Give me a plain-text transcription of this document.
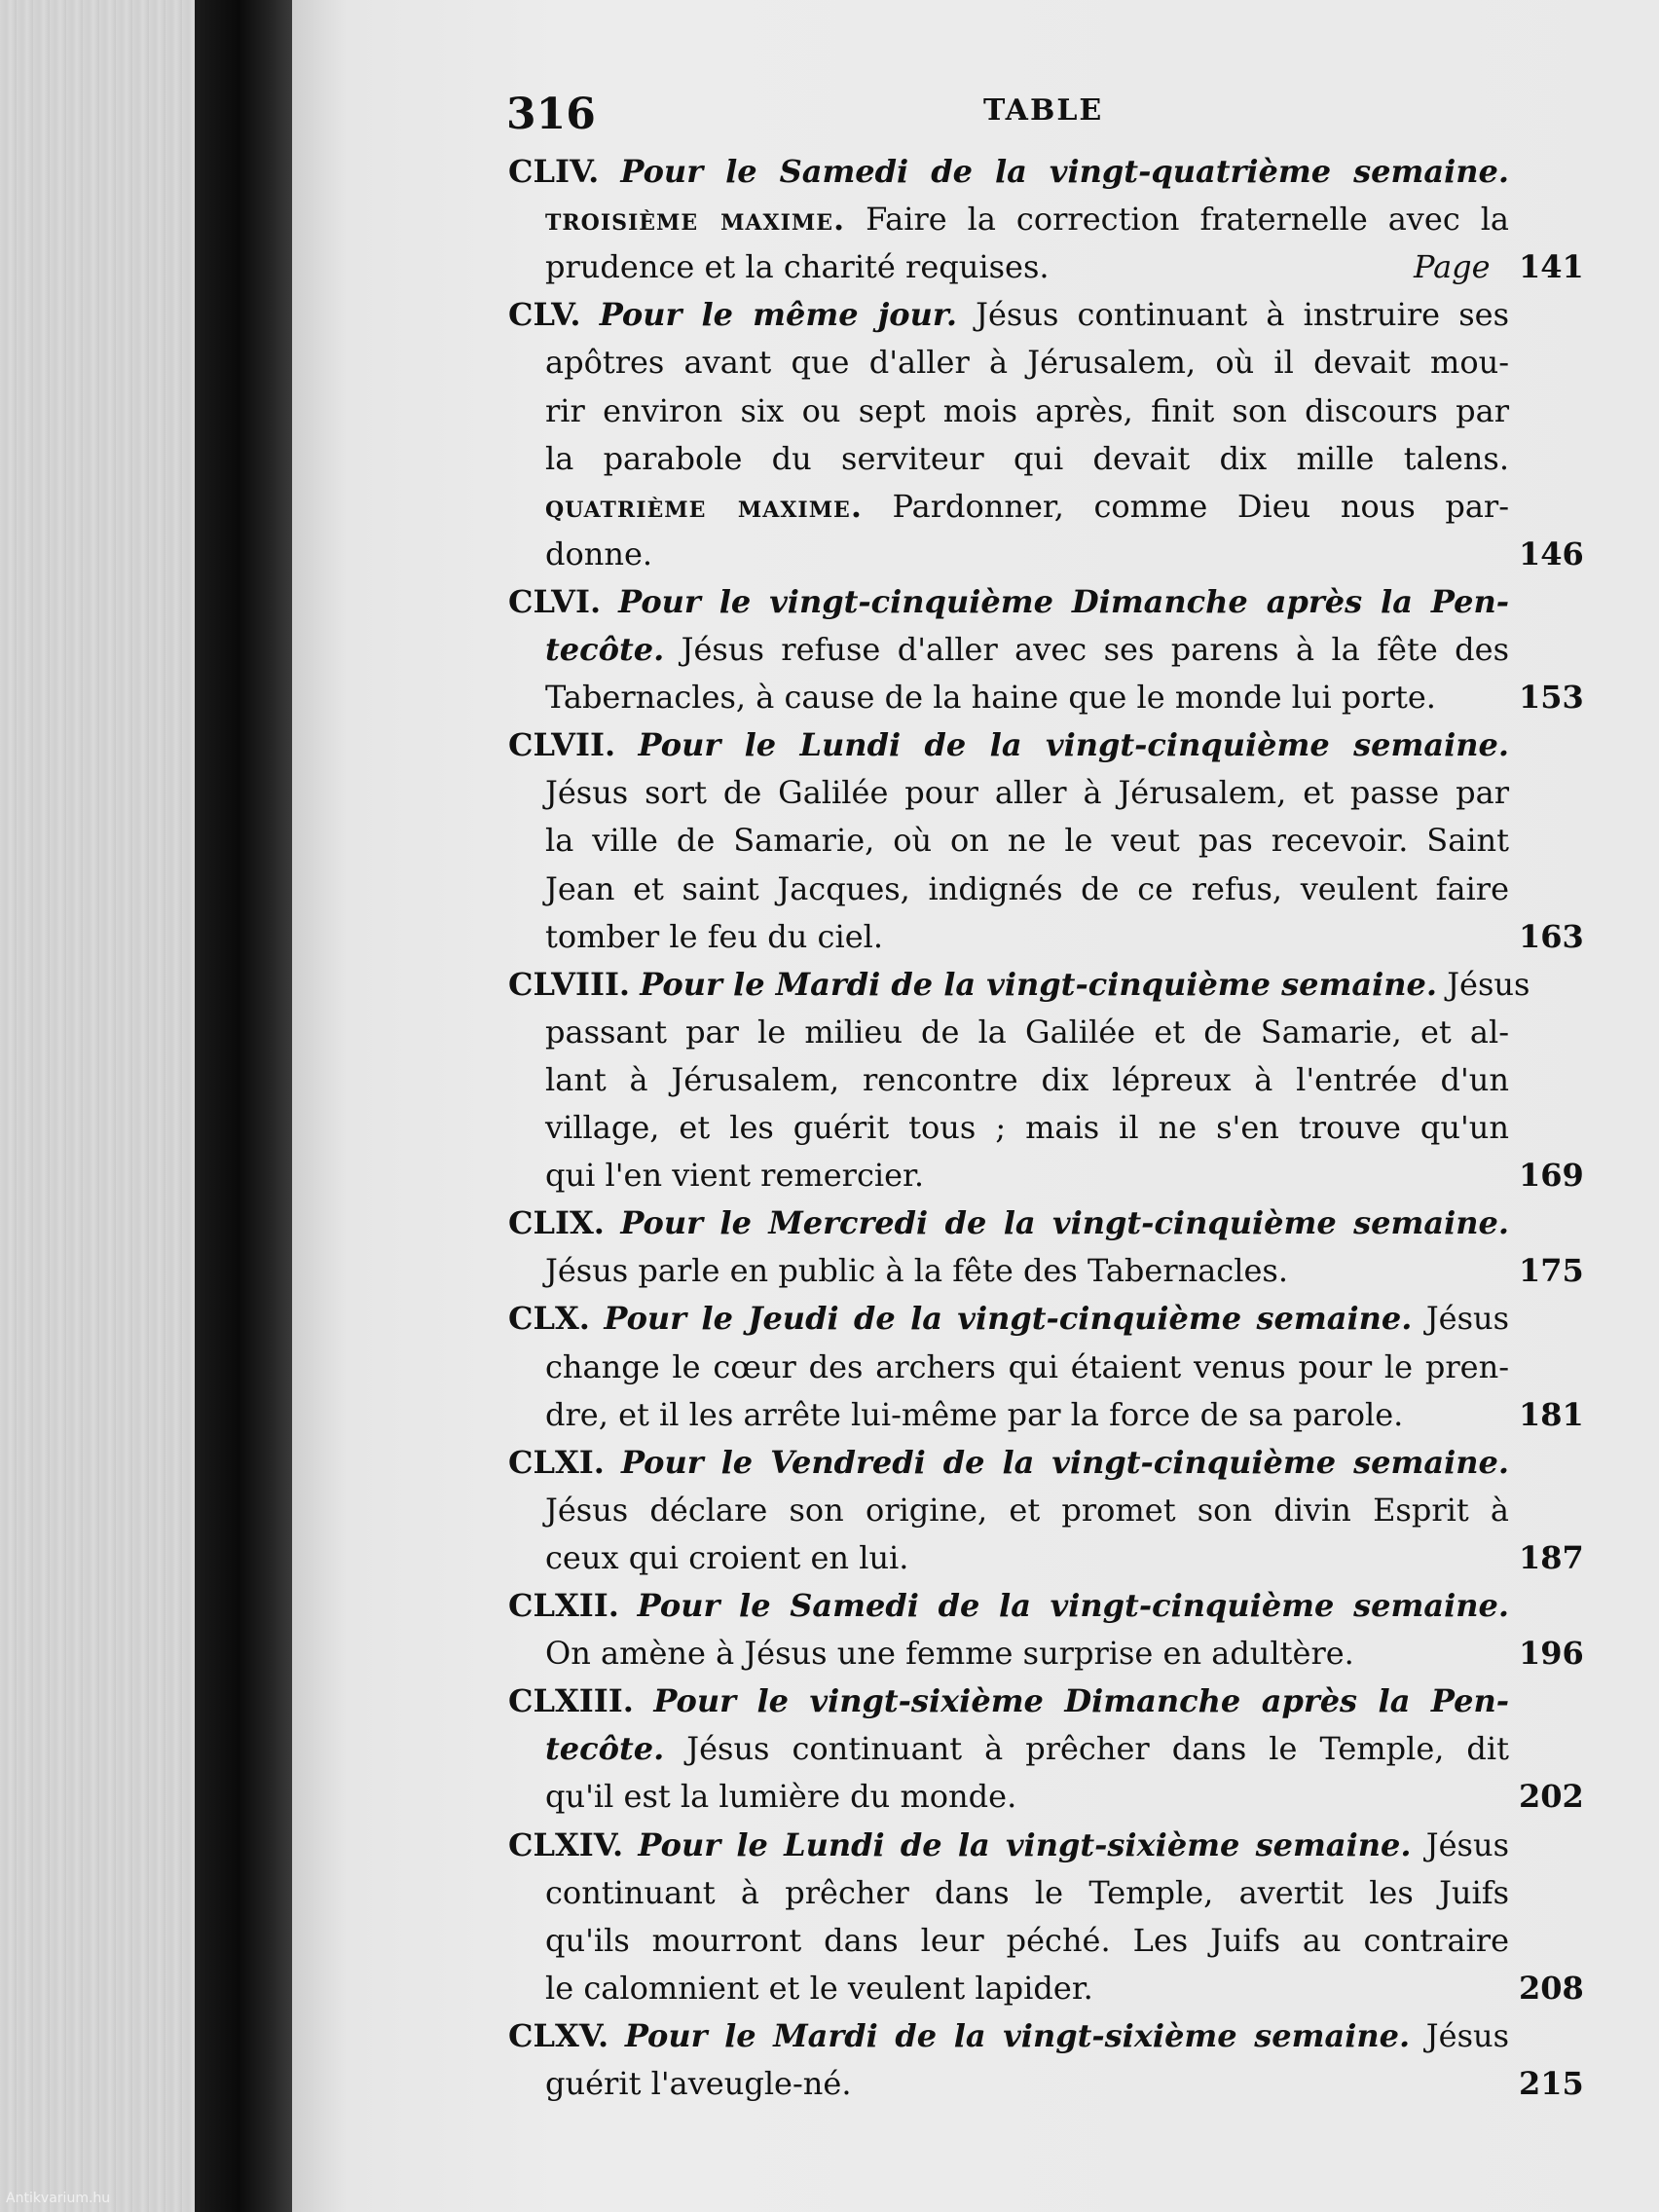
316	TABLE
CLIV. Pour le Samedi de la vingt-quatrième semaine.
troisième maxime. Faire la correction fraternelle avec la
prudence et la charité requises.	Page 141
CLV. Pour le même jour. Jésus continuant à instruire ses
apôtres avant que d'aller à Jérusalem, où il devait mou-
rir environ six ou sept mois après, finit son discours par
la parabole du serviteur qui devait dix mille talens.
quatrième maxime. Pardonner, comme Dieu nous par-
donne.	146
CLVI. Pour le vingt-cinquième Dimanche après la Pen-
tecôte. Jésus refuse d'aller avec ses parens à la fête des
Tabernacles, à cause de la haine que le monde lui porte.	153
CLVII. Pour le Lundi de la vingt-cinquième semaine.
Jésus sort de Galilée pour aller à Jérusalem, et passe par
la ville de Samarie, où on ne le veut pas recevoir. Saint
Jean et saint Jacques, indignés de ce refus, veulent faire
tomber le feu du ciel.	163
CLVIII. Pour le Mardi de la vingt-cinquième semaine. Jésus
passant par le milieu de la Galilée et de Samarie, et al-
lant à Jérusalem, rencontre dix lépreux à l'entrée d'un
village, et les guérit tous ; mais il ne s'en trouve qu'un
qui l'en vient remercier.	169
CLIX. Pour le Mercredi de la vingt-cinquième semaine.
Jésus parle en public à la fête des Tabernacles.	175
CLX. Pour le Jeudi de la vingt-cinquième semaine. Jésus
change le cœur des archers qui étaient venus pour le pren-
dre, et il les arrête lui-même par la force de sa parole.	181
CLXI. Pour le Vendredi de la vingt-cinquième semaine.
Jésus déclare son origine, et promet son divin Esprit à
ceux qui croient en lui.	187
CLXII. Pour le Samedi de la vingt-cinquième semaine.
On amène à Jésus une femme surprise en adultère.	196
CLXIII. Pour le vingt-sixième Dimanche après la Pen-
tecôte. Jésus continuant à prêcher dans le Temple, dit
qu'il est la lumière du monde.	202
CLXIV. Pour le Lundi de la vingt-sixième semaine. Jésus
continuant à prêcher dans le Temple, avertit les Juifs
qu'ils mourront dans leur péché. Les Juifs au contraire
le calomnient et le veulent lapider.	208
CLXV. Pour le Mardi de la vingt-sixième semaine. Jésus
guérit l'aveugle-né.	215
Antikvarium.hu
